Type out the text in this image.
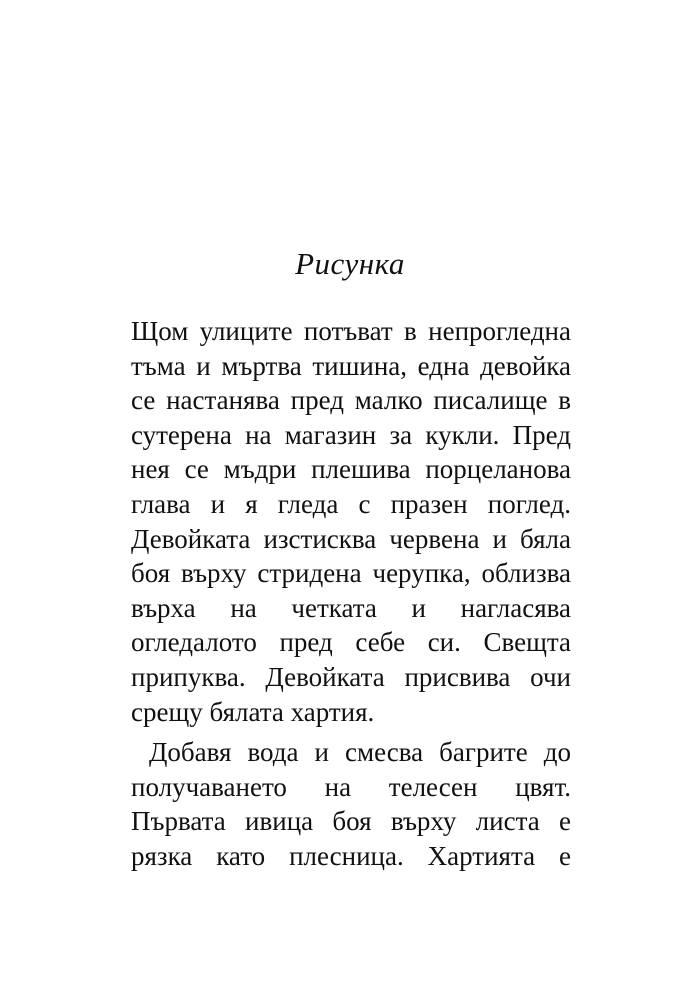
Рисунка
Щом улиците потъват в непрогледна
тъма и мъртва тишина, една девойка
се настанява пред малко писалище в
сутерена на магазин за кукли. Пред
нея се мъдри плешива порцеланова
глава и я гледа с празен поглед.
Девойката изстисква червена и бяла
боя върху стридена черупка, облизва
върха на четката и нагласява
огледалото пред себе си. Свещта
припуква. Девойката присвива очи
срещу бялата хартия.
Добавя вода и смесва багрите до
получаването на телесен цвят.
Първата ивица боя върху листа е
рязка като плесница. Хартията е
